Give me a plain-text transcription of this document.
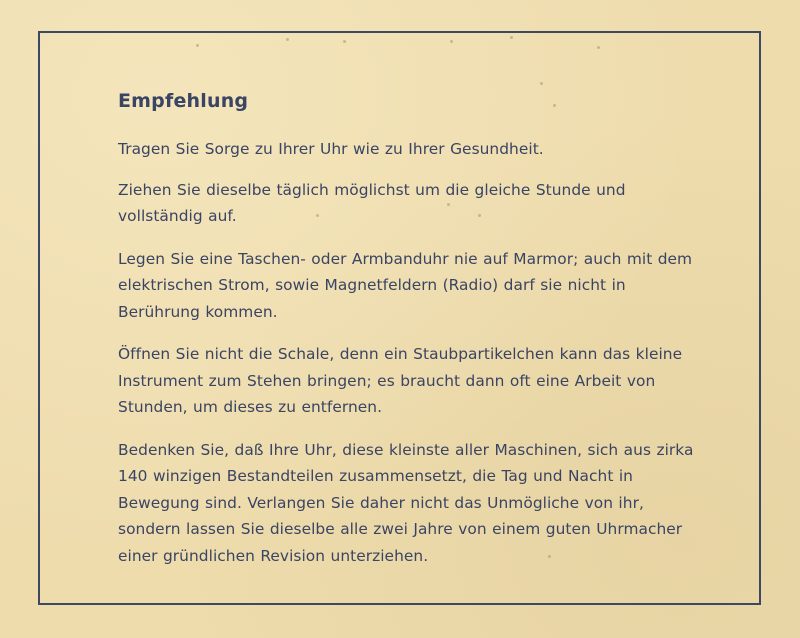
Empfehlung

Tragen Sie Sorge zu Ihrer Uhr wie zu Ihrer Gesundheit.

Ziehen Sie dieselbe täglich möglichst um die gleiche Stunde und vollständig auf.

Legen Sie eine Taschen- oder Armbanduhr nie auf Marmor; auch mit dem elektrischen Strom, sowie Magnetfeldern (Radio) darf sie nicht in Berührung kommen.

Öffnen Sie nicht die Schale, denn ein Staubpartikelchen kann das kleine Instrument zum Stehen bringen; es braucht dann oft eine Arbeit von Stunden, um dieses zu entfernen.

Bedenken Sie, daß Ihre Uhr, diese kleinste aller Maschinen, sich aus zirka 140 winzigen Bestandteilen zusammensetzt, die Tag und Nacht in Bewegung sind. Verlangen Sie daher nicht das Unmögliche von ihr, sondern lassen Sie dieselbe alle zwei Jahre von einem guten Uhrmacher einer gründlichen Revision unterziehen.
